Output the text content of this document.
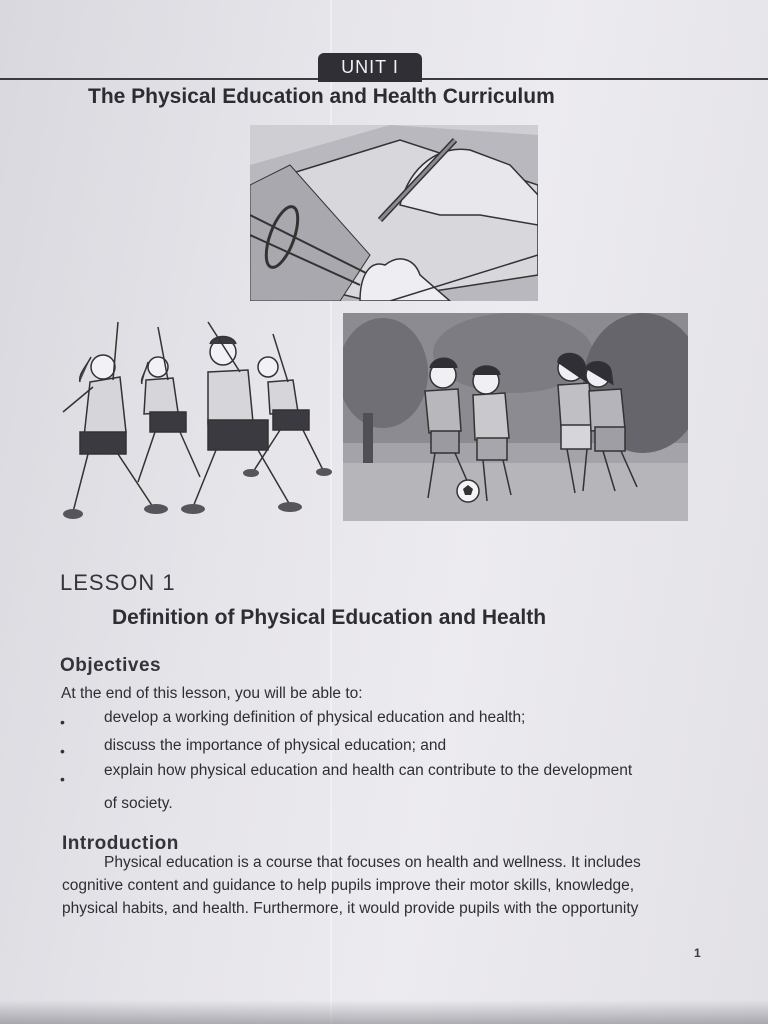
UNIT I
The Physical Education and Health Curriculum
LESSON 1
Definition of Physical Education and Health
Objectives
At the end of this lesson, you will be able to:
•	develop a working definition of physical education and health;
•	discuss the importance of physical education; and
•	explain how physical education and health can contribute to the development
of society.
Introduction
Physical education is a course that focuses on health and wellness. It includes
cognitive content and guidance to help pupils improve their motor skills, knowledge,
physical habits, and health. Furthermore, it would provide pupils with the opportunity
1
